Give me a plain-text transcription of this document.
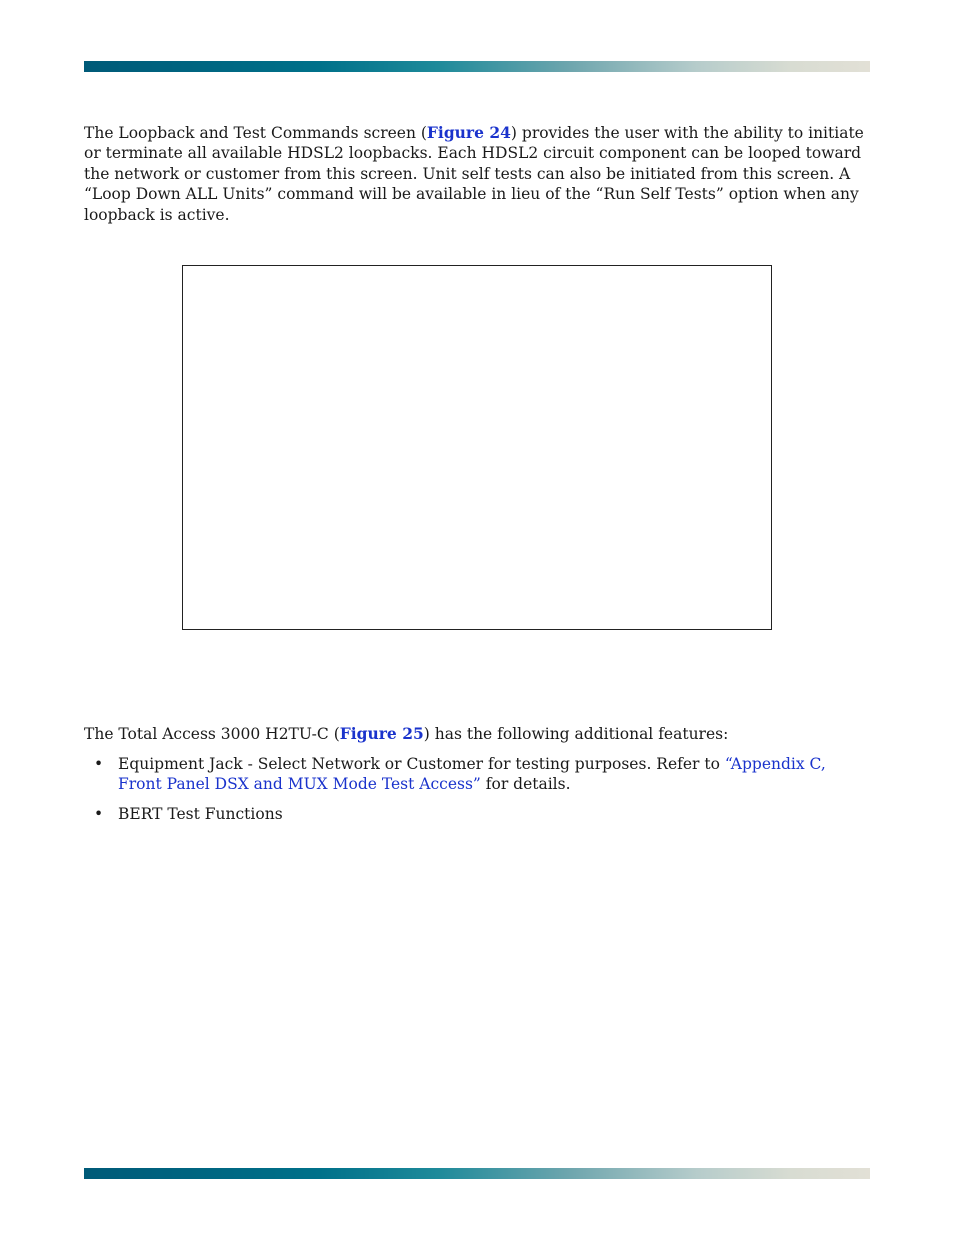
The Loopback and Test Commands screen (Figure 24) provides the user with the ability to initiate or terminate all available HDSL2 loopbacks. Each HDSL2 circuit component can be looped toward the network or customer from this screen. Unit self tests can also be initiated from this screen. A “Loop Down ALL Units” command will be available in lieu of the “Run Self Tests” option when any loopback is active.

The Total Access 3000 H2TU-C (Figure 25) has the following additional features:

• Equipment Jack - Select Network or Customer for testing purposes. Refer to “Appendix C, Front Panel DSX and MUX Mode Test Access” for details.
• BERT Test Functions
